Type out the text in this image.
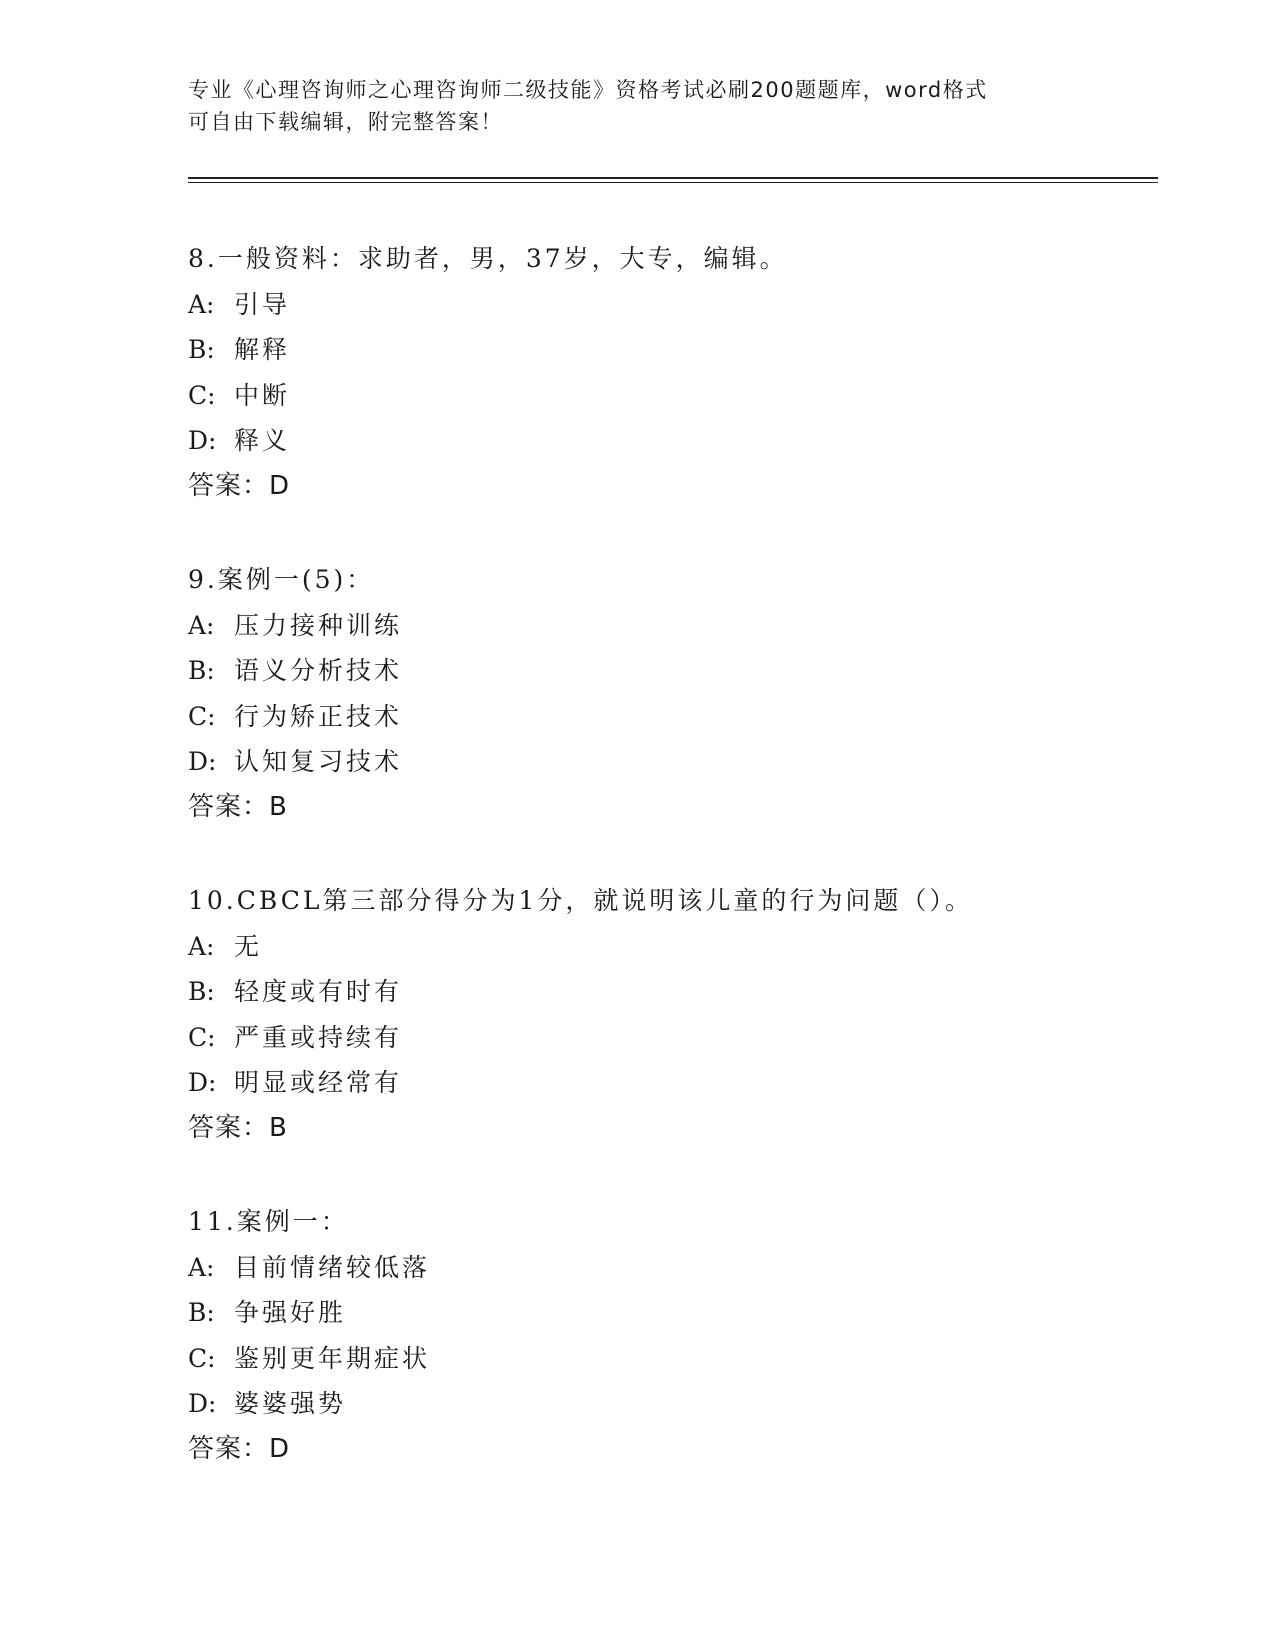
专业《心理咨询师之心理咨询师二级技能》资格考试必刷200题题库，word格式

可自由下载编辑，附完整答案！

8.一般资料：求助者，男，37岁，大专，编辑。
A: 引导
B: 解释
C: 中断
D: 释义
答案：D
9.案例一(5)：
A: 压力接种训练
B: 语义分析技术
C: 行为矫正技术
D: 认知复习技术
答案：B
10.CBCL第三部分得分为1分，就说明该儿童的行为问题（）。
A: 无
B: 轻度或有时有
C: 严重或持续有
D: 明显或经常有
答案：B
11.案例一：
A: 目前情绪较低落
B: 争强好胜
C: 鉴别更年期症状
D: 婆婆强势
答案：D
